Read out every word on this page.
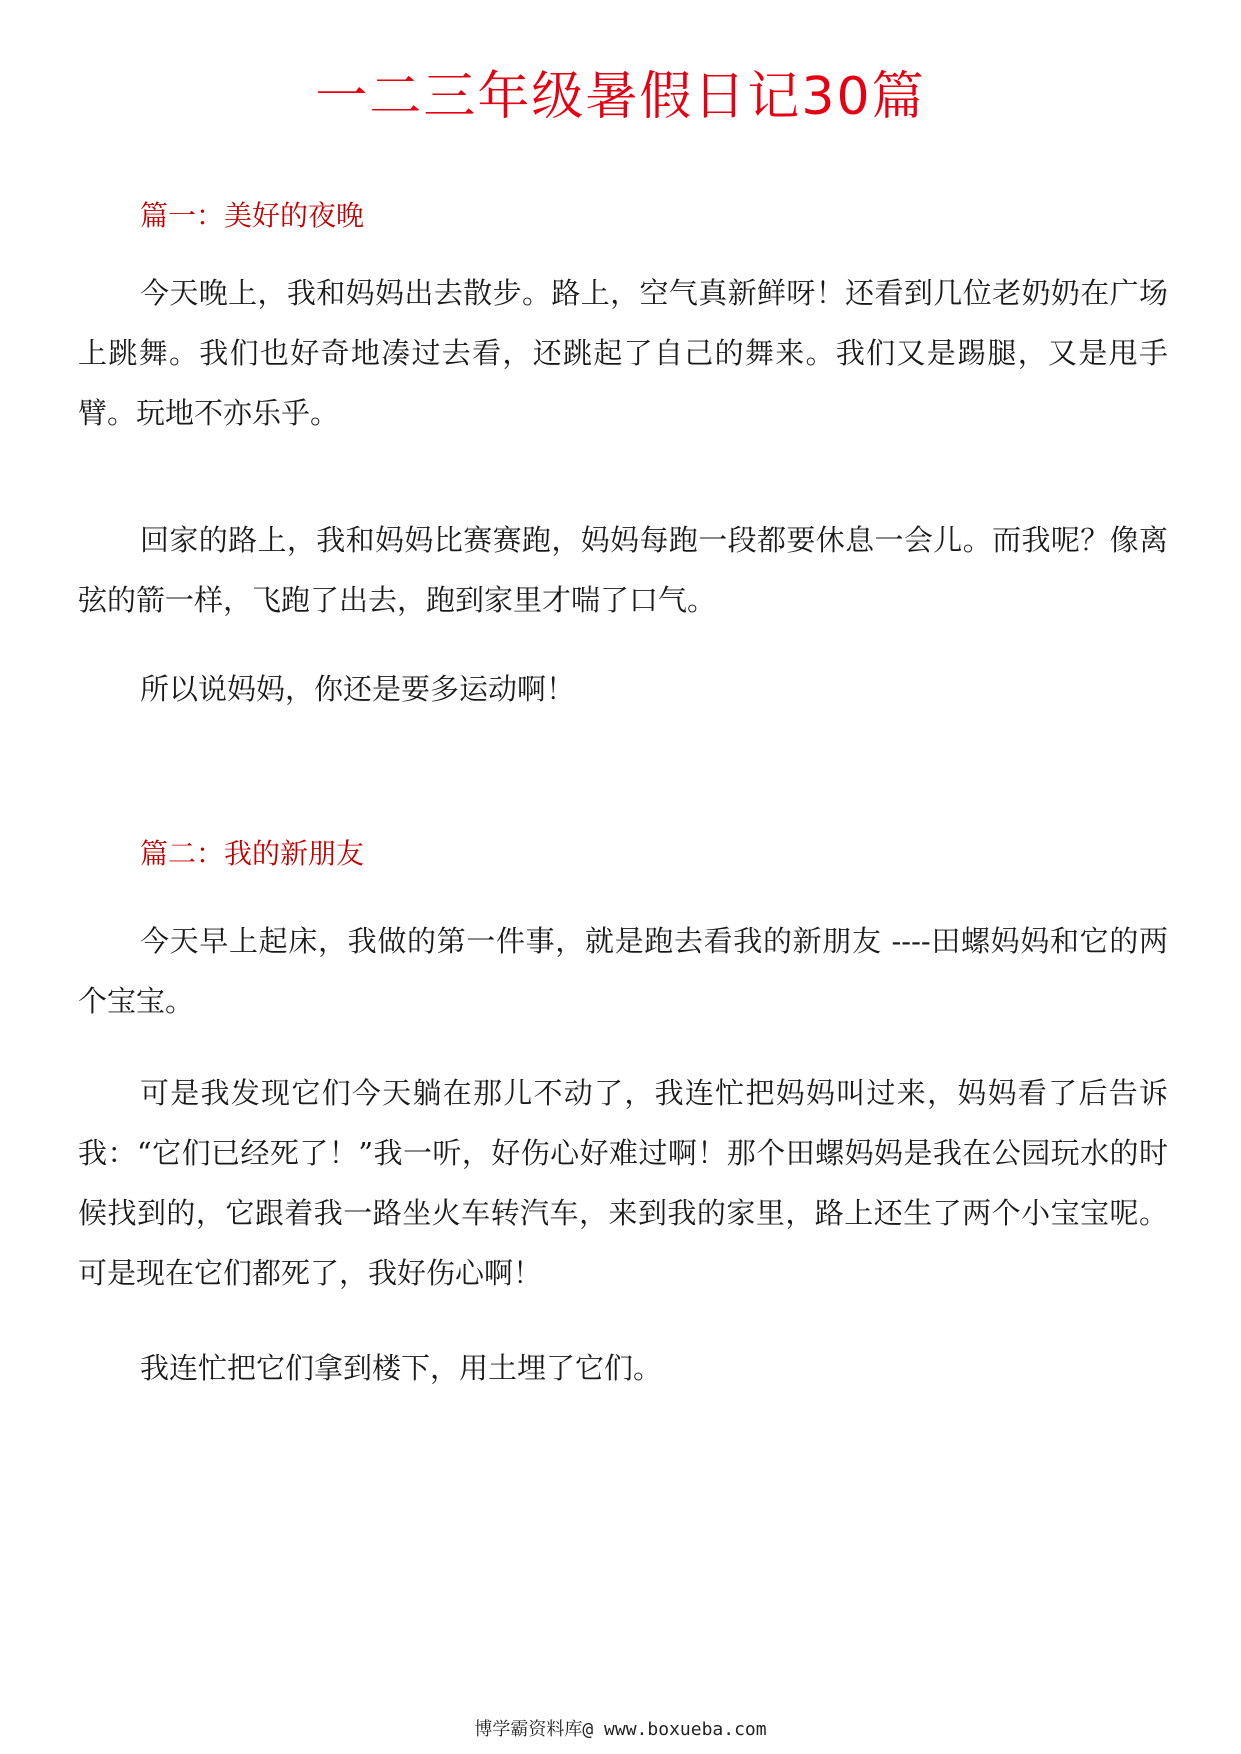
一二三年级暑假日记30篇
篇一：美好的夜晚

今天晚上，我和妈妈出去散步。路上，空气真新鲜呀！还看到几位老奶奶在广场上跳舞。我们也好奇地凑过去看，还跳起了自己的舞来。我们又是踢腿，又是甩手臂。玩地不亦乐乎。

回家的路上，我和妈妈比赛赛跑，妈妈每跑一段都要休息一会儿。而我呢？像离弦的箭一样，飞跑了出去，跑到家里才喘了口气。

所以说妈妈，你还是要多运动啊！

篇二：我的新朋友

今天早上起床，我做的第一件事，就是跑去看我的新朋友 ----田螺妈妈和它的两个宝宝。

可是我发现它们今天躺在那儿不动了，我连忙把妈妈叫过来，妈妈看了后告诉我：“它们已经死了！”我一听，好伤心好难过啊！那个田螺妈妈是我在公园玩水的时候找到的，它跟着我一路坐火车转汽车，来到我的家里，路上还生了两个小宝宝呢。可是现在它们都死了，我好伤心啊！

我连忙把它们拿到楼下，用土埋了它们。

博学霸资料库@ www.boxueba.com
